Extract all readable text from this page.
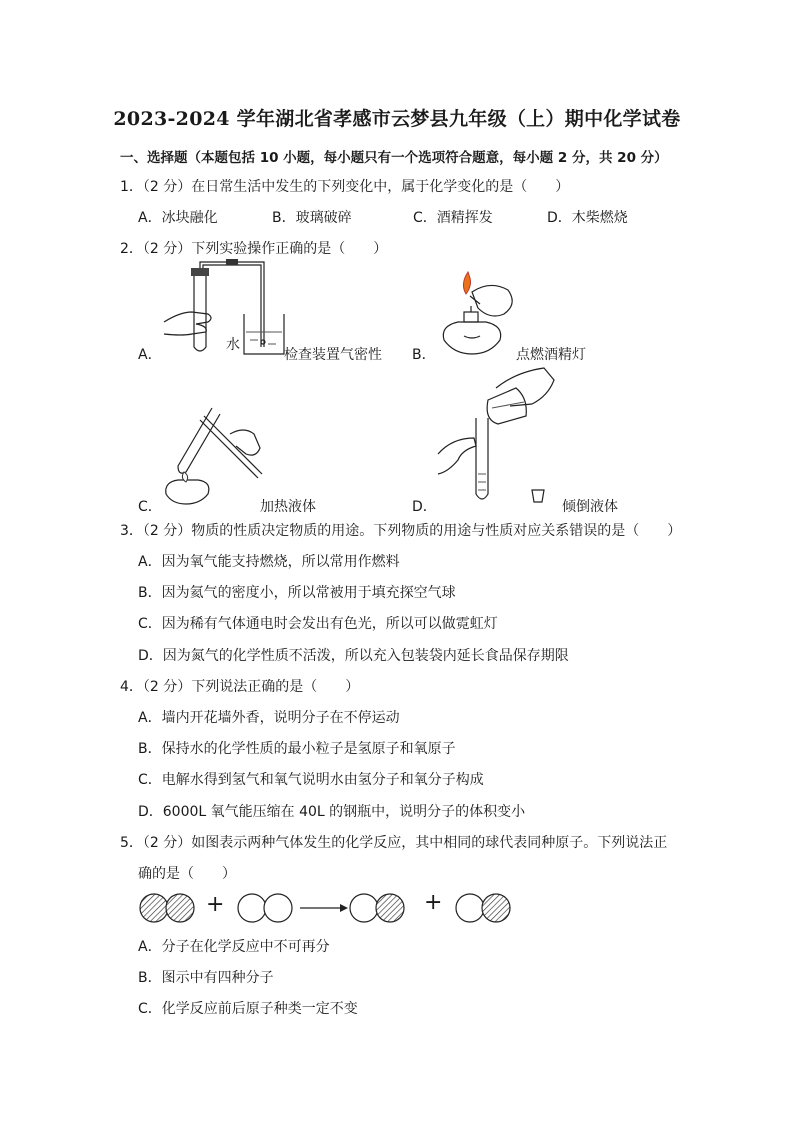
2023-2024 学年湖北省孝感市云梦县九年级（上）期中化学试卷
一、选择题（本题包括 10 小题，每小题只有一个选项符合题意，每小题 2 分，共 20 分）
1．（2 分）在日常生活中发生的下列变化中，属于化学变化的是（　　）
A．冰块融化	B．玻璃破碎	C．酒精挥发	D．木柴燃烧
2．（2 分）下列实验操作正确的是（　　）
A．
水
检查装置气密性 B．	点燃酒精灯
C．	加热液体	D．	倾倒液体
3．（2 分）物质的性质决定物质的用途。下列物质的用途与性质对应关系错误的是（　　）
A．因为氧气能支持燃烧，所以常用作燃料
B．因为氦气的密度小，所以常被用于填充探空气球
C．因为稀有气体通电时会发出有色光，所以可以做霓虹灯
D．因为氮气的化学性质不活泼，所以充入包装袋内延长食品保存期限
4．（2 分）下列说法正确的是（　　）
A．墙内开花墙外香，说明分子在不停运动
B．保持水的化学性质的最小粒子是氢原子和氧原子
C．电解水得到氢气和氧气说明水由氢分子和氧分子构成
D．6000L 氧气能压缩在 40L 的钢瓶中，说明分子的体积变小
5．（2 分）如图表示两种气体发生的化学反应，其中相同的球代表同种原子。下列说法正
确的是（　　）
+	+
A．分子在化学反应中不可再分
B．图示中有四种分子
C．化学反应前后原子种类一定不变
